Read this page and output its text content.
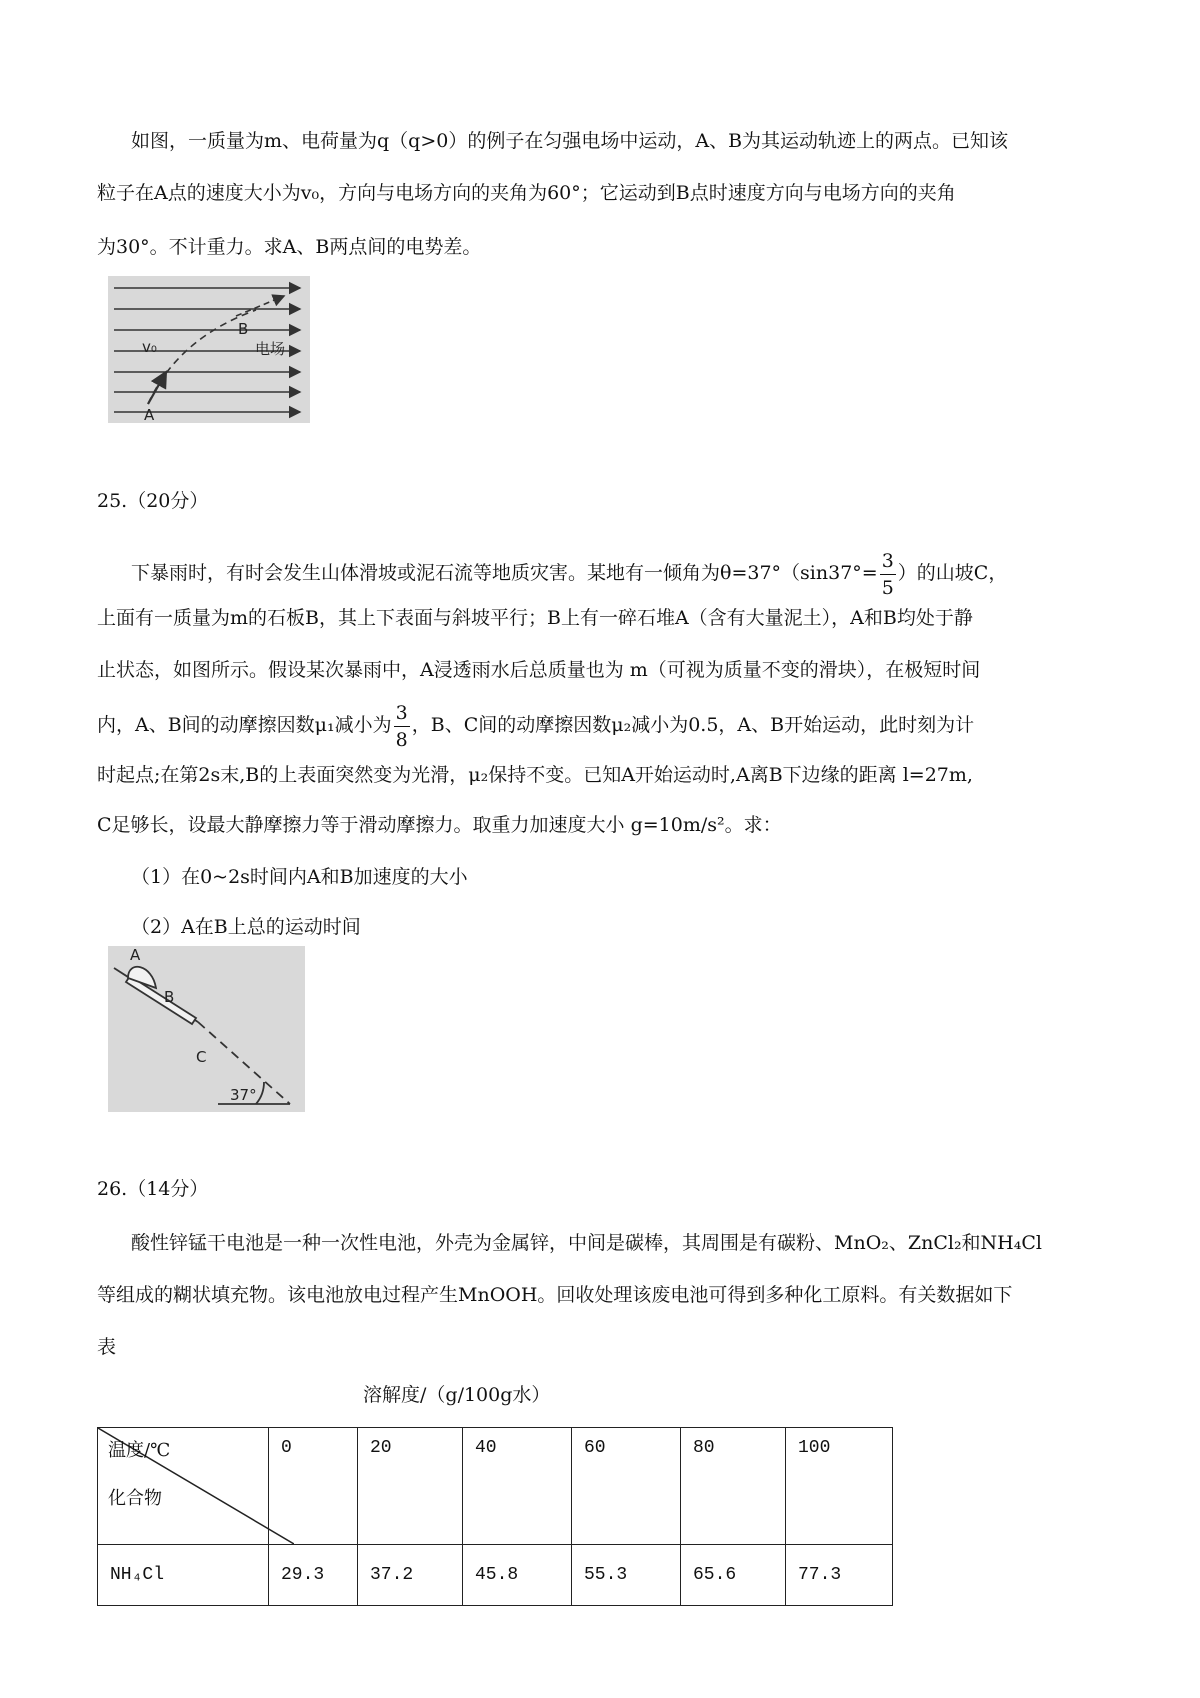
如图，一质量为m、电荷量为q（q>0）的例子在匀强电场中运动，A、B为其运动轨迹上的两点。已知该
粒子在A点的速度大小为v₀，方向与电场方向的夹角为60°；它运动到B点时速度方向与电场方向的夹角
为30°。不计重力。求A、B两点间的电势差。
B
A
v₀	电场
25.（20分）
下暴雨时，有时会发生山体滑坡或泥石流等地质灾害。某地有一倾角为$\theta=37^\circ(\sin 37^\circ= \frac{3}{5}$ ）的山坡C，
上面有一质量为m的石板B，其上下表面与斜坡平行；B上有一碎石堆A（含有大量泥土），A和B均处于静
止状态，如图所示。假设某次暴雨中，A浸透雨水后总质量也为 m（可视为质量不变的滑块），在极短时间
内，A、B间的动摩擦因数μ₁减小为 $\frac{3}{8}$ ，B、C间的动摩擦因数μ₂减小为0.5，A、B开始运动，此时刻为计
时起点;在第2s末,B的上表面突然变为光滑，μ₂保持不变。已知A开始运动时,A离B下边缘的距离 l=27m,
C足够长，设最大静摩擦力等于滑动摩擦力。取重力加速度大小 g=10m/s²。求：
（1）在0~2s时间内A和B加速度的大小
（2）A在B上总的运动时间
A
B
C
37°
26.（14分）
酸性锌锰干电池是一种一次性电池，外壳为金属锌，中间是碳棒，其周围是有碳粉、MnO₂、ZnCl₂和NH₄Cl
等组成的糊状填充物。该电池放电过程产生MnOOH。回收处理该废电池可得到多种化工原料。有关数据如下
表
溶解度/（g/100g水）
温度/℃
化合物	0	20	40	60	80	100
NH₄Cl	29.3	37.2	45.8	55.3	65.6	77.3
